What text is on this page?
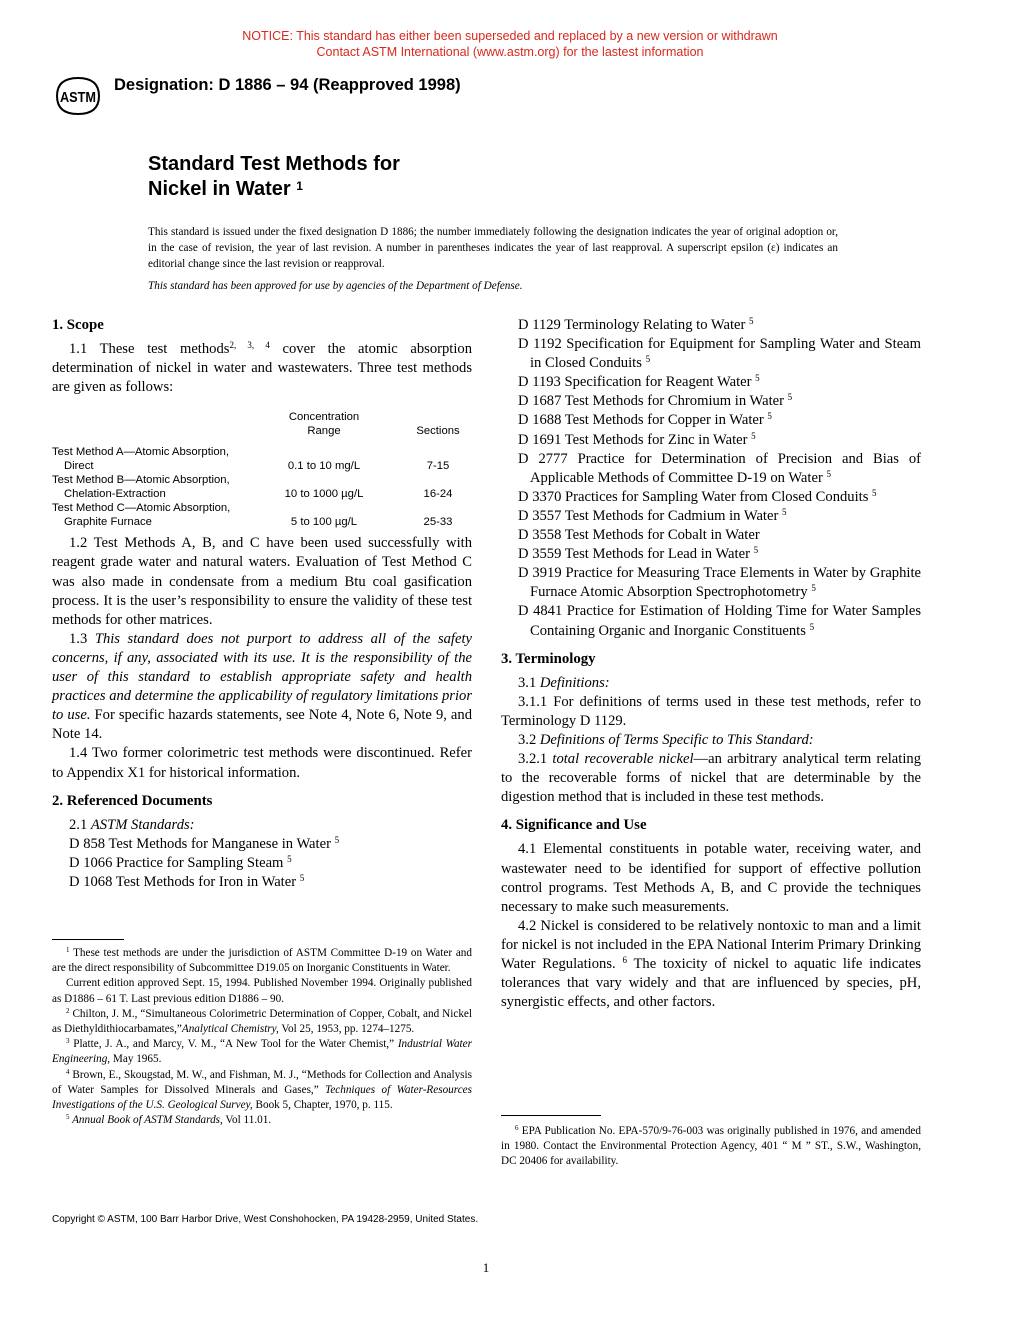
NOTICE: This standard has either been superseded and replaced by a new version or withdrawn
Contact ASTM International (www.astm.org) for the lastest information
ASTM
Designation: D 1886 – 94 (Reapproved 1998)
Standard Test Methods for
Nickel in Water $^1$
This standard is issued under the fixed designation D 1886; the number immediately following the designation indicates the year of original adoption or, in the case of revision, the year of last revision. A number in parentheses indicates the year of last reapproval. A superscript epsilon (ε) indicates an editorial change since the last revision or reapproval.
This standard has been approved for use by agencies of the Department of Defense.

1. Scope

1.1 These test methods$^{2, 3, 4}$ cover the atomic absorption determination of nickel in water and wastewaters. Three test methods are given as follows:

	Concentration
Range	Sections

Test Method A—Atomic Absorption,
Direct	0.1 to 10 mg/L	7-15

Test Method B—Atomic Absorption,
Chelation-Extraction	10 to 1000 µg/L	16-24

Test Method C—Atomic Absorption,
Graphite Furnace	5 to 100 µg/L	25-33

1.2 Test Methods A, B, and C have been used successfully with reagent grade water and natural waters. Evaluation of Test Method C was also made in condensate from a medium Btu coal gasification process. It is the user’s responsibility to ensure the validity of these test methods for other matrices.

1.3 This standard does not purport to address all of the safety concerns, if any, associated with its use. It is the responsibility of the user of this standard to establish appropriate safety and health practices and determine the applicability of regulatory limitations prior to use. For specific hazards statements, see Note 4, Note 6, Note 9, and Note 14.

1.4 Two former colorimetric test methods were discontinued. Refer to Appendix X1 for historical information.

2. Referenced Documents

2.1 ASTM Standards:

D 858 Test Methods for Manganese in Water $^5$

D 1066 Practice for Sampling Steam $^5$

D 1068 Test Methods for Iron in Water $^5$

D 1129 Terminology Relating to Water $^5$

D 1192 Specification for Equipment for Sampling Water and Steam in Closed Conduits $^5$

D 1193 Specification for Reagent Water $^5$

D 1687 Test Methods for Chromium in Water $^5$

D 1688 Test Methods for Copper in Water $^5$

D 1691 Test Methods for Zinc in Water $^5$

D 2777 Practice for Determination of Precision and Bias of Applicable Methods of Committee D-19 on Water $^5$

D 3370 Practices for Sampling Water from Closed Conduits $^5$

D 3557 Test Methods for Cadmium in Water $^5$

D 3558 Test Methods for Cobalt in Water

D 3559 Test Methods for Lead in Water $^5$

D 3919 Practice for Measuring Trace Elements in Water by Graphite Furnace Atomic Absorption Spectrophotometry $^5$

D 4841 Practice for Estimation of Holding Time for Water Samples Containing Organic and Inorganic Constituents $^5$

3. Terminology

3.1 Definitions:

3.1.1 For definitions of terms used in these test methods, refer to Terminology D 1129.

3.2 Definitions of Terms Specific to This Standard:

3.2.1 total recoverable nickel—an arbitrary analytical term relating to the recoverable forms of nickel that are determinable by the digestion method that is included in these test methods.

4. Significance and Use

4.1 Elemental constituents in potable water, receiving water, and wastewater need to be identified for support of effective pollution control programs. Test Methods A, B, and C provide the techniques necessary to make such measurements.

4.2 Nickel is considered to be relatively nontoxic to man and a limit for nickel is not included in the EPA National Interim Primary Drinking Water Regulations. $^6$ The toxicity of nickel to aquatic life indicates tolerances that vary widely and that are influenced by species, pH, synergistic effects, and other factors.

$^1$ These test methods are under the jurisdiction of ASTM Committee D-19 on Water and are the direct responsibility of Subcommittee D19.05 on Inorganic Constituents in Water.

Current edition approved Sept. 15, 1994. Published November 1994. Originally published as D1886 – 61 T. Last previous edition D1886 – 90.

$^2$ Chilton, J. M., “Simultaneous Colorimetric Determination of Copper, Cobalt, and Nickel as Diethyldithiocarbamates,”Analytical Chemistry, Vol 25, 1953, pp. 1274–1275.

$^3$ Platte, J. A., and Marcy, V. M., “A New Tool for the Water Chemist,” Industrial Water Engineering, May 1965.

$^4$ Brown, E., Skougstad, M. W., and Fishman, M. J., “Methods for Collection and Analysis of Water Samples for Dissolved Minerals and Gases,” Techniques of Water-Resources Investigations of the U.S. Geological Survey, Book 5, Chapter, 1970, p. 115.

$^5$ Annual Book of ASTM Standards, Vol 11.01.

$^6$ EPA Publication No. EPA-570/9-76-003 was originally published in 1976, and amended in 1980. Contact the Environmental Protection Agency, 401 “ M ” ST., S.W., Washington, DC 20406 for availability.

Copyright © ASTM, 100 Barr Harbor Drive, West Conshohocken, PA 19428-2959, United States.
1
